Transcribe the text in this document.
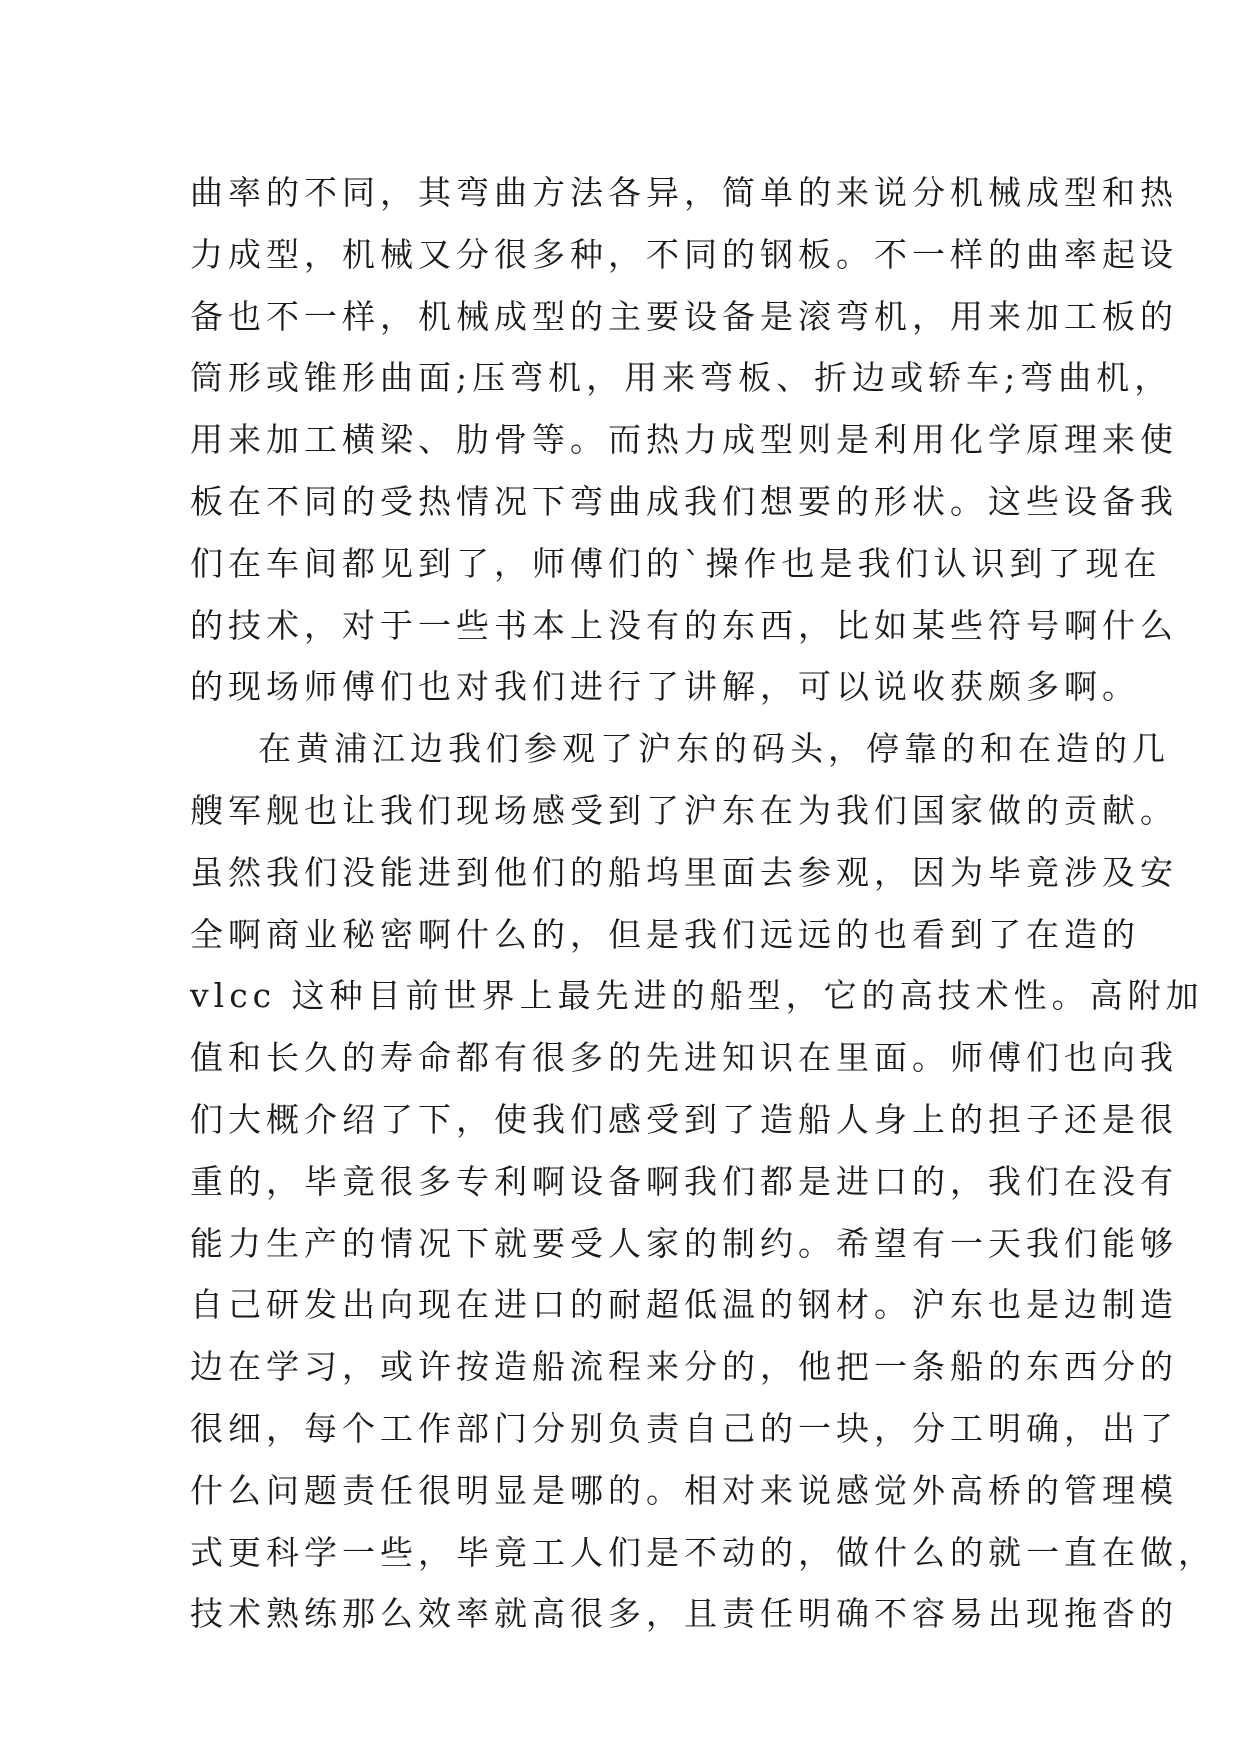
曲率的不同，其弯曲方法各异，简单的来说分机械成型和热
力成型，机械又分很多种，不同的钢板。不一样的曲率起设
备也不一样，机械成型的主要设备是滚弯机，用来加工板的
筒形或锥形曲面;压弯机，用来弯板、折边或轿车;弯曲机，
用来加工横梁、肋骨等。而热力成型则是利用化学原理来使
板在不同的受热情况下弯曲成我们想要的形状。这些设备我
们在车间都见到了，师傅们的`操作也是我们认识到了现在
的技术，对于一些书本上没有的东西，比如某些符号啊什么
的现场师傅们也对我们进行了讲解，可以说收获颇多啊。
在黄浦江边我们参观了沪东的码头，停靠的和在造的几
艘军舰也让我们现场感受到了沪东在为我们国家做的贡献。
虽然我们没能进到他们的船坞里面去参观，因为毕竟涉及安
全啊商业秘密啊什么的，但是我们远远的也看到了在造的
vlcc 这种目前世界上最先进的船型，它的高技术性。高附加
值和长久的寿命都有很多的先进知识在里面。师傅们也向我
们大概介绍了下，使我们感受到了造船人身上的担子还是很
重的，毕竟很多专利啊设备啊我们都是进口的，我们在没有
能力生产的情况下就要受人家的制约。希望有一天我们能够
自己研发出向现在进口的耐超低温的钢材。沪东也是边制造
边在学习，或许按造船流程来分的，他把一条船的东西分的
很细，每个工作部门分别负责自己的一块，分工明确，出了
什么问题责任很明显是哪的。相对来说感觉外高桥的管理模
式更科学一些，毕竟工人们是不动的，做什么的就一直在做，
技术熟练那么效率就高很多，且责任明确不容易出现拖沓的
